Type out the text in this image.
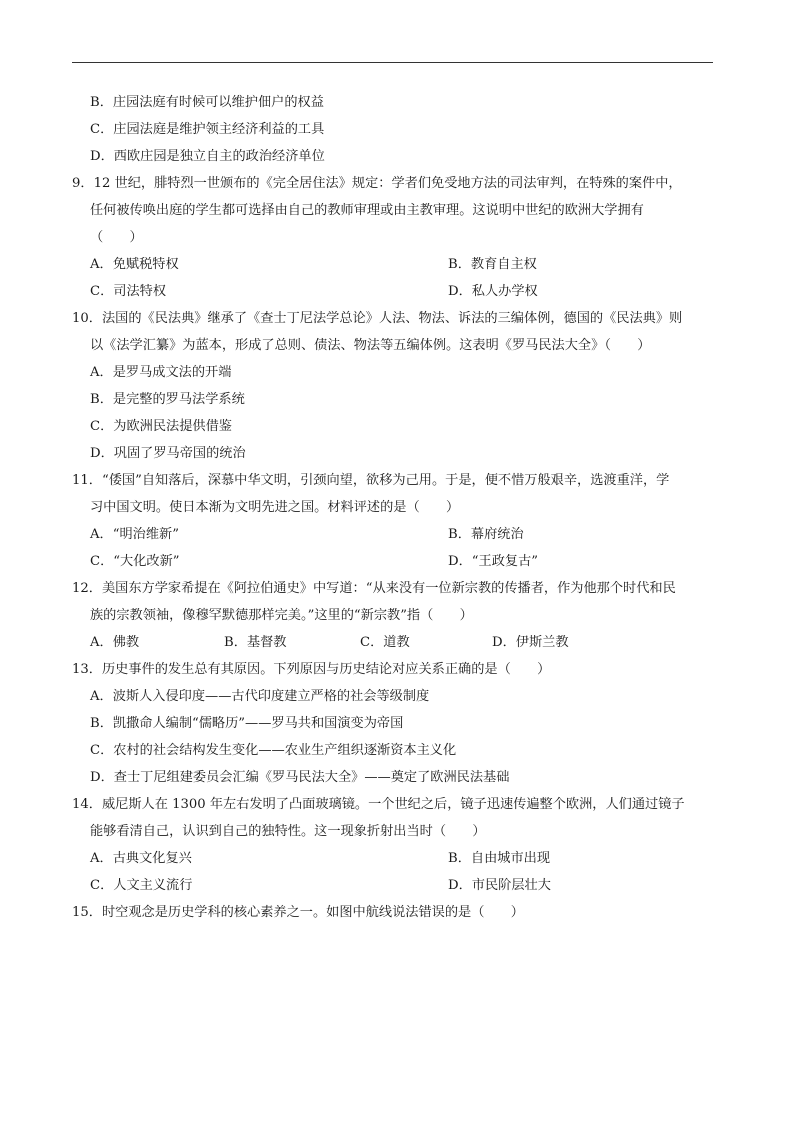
B．庄园法庭有时候可以维护佃户的权益
C．庄园法庭是维护领主经济利益的工具
D．西欧庄园是独立自主的政治经济单位
9．12 世纪，腓特烈一世颁布的《完全居住法》规定：学者们免受地方法的司法审判，在特殊的案件中，
任何被传唤出庭的学生都可选择由自己的教师审理或由主教审理。这说明中世纪的欧洲大学拥有
（　　）
A．免赋税特权	B．教育自主权
C．司法特权	D．私人办学权
10．法国的《民法典》继承了《查士丁尼法学总论》人法、物法、诉法的三编体例，德国的《民法典》则
以《法学汇纂》为蓝本，形成了总则、债法、物法等五编体例。这表明《罗马民法大全》（　　）
A．是罗马成文法的开端
B．是完整的罗马法学系统
C．为欧洲民法提供借鉴
D．巩固了罗马帝国的统治
11．“倭国”自知落后，深慕中华文明，引颈向望，欲移为己用。于是，便不惜万般艰辛，选渡重洋，学
习中国文明。使日本渐为文明先进之国。材料评述的是（　　）
A．“明治维新”	B．幕府统治
C．“大化改新”	D．“王政复古”
12．美国东方学家希提在《阿拉伯通史》中写道：“从来没有一位新宗教的传播者，作为他那个时代和民
族的宗教领袖，像穆罕默德那样完美。”这里的“新宗教”指（　　）
A．佛教	B．基督教	C．道教	D．伊斯兰教
13．历史事件的发生总有其原因。下列原因与历史结论对应关系正确的是（　　）
A．波斯人入侵印度——古代印度建立严格的社会等级制度
B．凯撒命人编制“儒略历”——罗马共和国演变为帝国
C．农村的社会结构发生变化——农业生产组织逐渐资本主义化
D．查士丁尼组建委员会汇编《罗马民法大全》——奠定了欧洲民法基础
14．威尼斯人在 1300 年左右发明了凸面玻璃镜。一个世纪之后，镜子迅速传遍整个欧洲，人们通过镜子
能够看清自己，认识到自己的独特性。这一现象折射出当时（　　）
A．古典文化复兴	B．自由城市出现
C．人文主义流行	D．市民阶层壮大
15．时空观念是历史学科的核心素养之一。如图中航线说法错误的是（　　）
